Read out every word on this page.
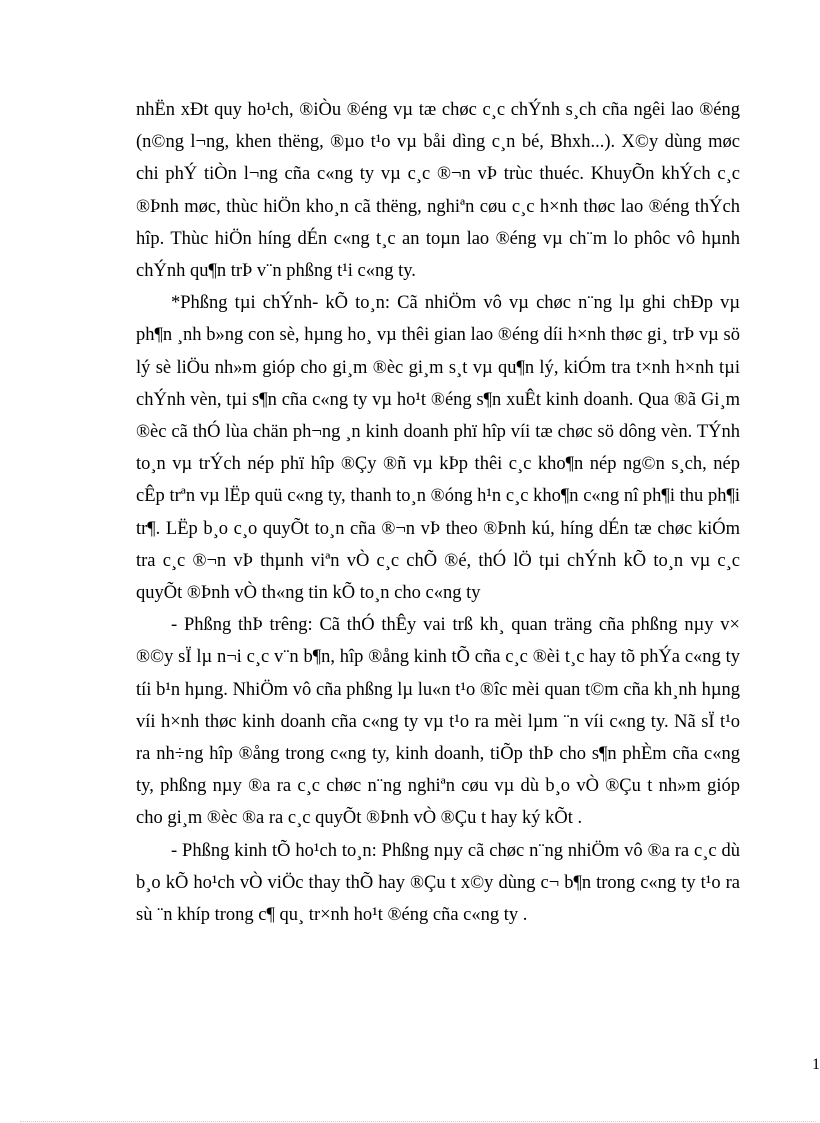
nhËn xÐt quy ho¹ch, ®iÒu ®éng vµ tæ chøc c¸c chÝnh s¸ch cña ngêi lao ®éng (n©ng l¬ng, khen thëng, ®µo t¹o vµ båi dìng c¸n bé, Bhxh...). X©y dùng møc chi phÝ tiÒn l¬ng cña c«ng ty vµ c¸c ®¬n vÞ trùc thuéc. KhuyÕn khÝch c¸c ®Þnh møc, thùc hiÖn kho¸n cã thëng, nghiªn cøu c¸c h×nh thøc lao ®éng thÝch hîp. Thùc hiÖn híng dÉn c«ng t¸c an toµn lao ®éng vµ ch¨m lo phôc vô hµnh chÝnh qu¶n trÞ v¨n phßng t¹i c«ng ty.

*Phßng tµi chÝnh- kÕ to¸n: Cã nhiÖm vô vµ chøc n¨ng lµ ghi chÐp vµ ph¶n ¸nh b»ng con sè, hµng ho¸ vµ thêi gian lao ®éng díi h×nh thøc gi¸ trÞ vµ sö lý sè liÖu nh»m gióp cho gi¸m ®èc gi¸m s¸t vµ qu¶n lý, kiÓm tra t×nh h×nh tµi chÝnh vèn, tµi s¶n cña c«ng ty vµ ho¹t ®éng s¶n xuÊt kinh doanh. Qua ®ã Gi¸m ®èc cã thÓ lùa chän ph¬ng ¸n kinh doanh phï hîp víi tæ chøc sö dông vèn. TÝnh to¸n vµ trÝch nép phï hîp ®Çy ®ñ vµ kÞp thêi c¸c kho¶n nép ng©n s¸ch, nép cÊp trªn vµ lËp quü c«ng ty, thanh to¸n ®óng h¹n c¸c kho¶n c«ng nî ph¶i thu ph¶i tr¶. LËp b¸o c¸o quyÕt to¸n cña ®¬n vÞ theo ®Þnh kú, híng dÉn tæ chøc kiÓm tra c¸c ®¬n vÞ thµnh viªn vÒ c¸c chÕ ®é, thÓ lÖ tµi chÝnh kÕ to¸n vµ c¸c quyÕt ®Þnh vÒ th«ng tin kÕ to¸n cho c«ng ty

- Phßng thÞ trêng: Cã thÓ thÊy vai trß kh¸ quan träng cña phßng nµy v× ®©y sÏ lµ n¬i c¸c v¨n b¶n, hîp ®ång kinh tÕ cña c¸c ®èi t¸c hay tõ phÝa c«ng ty tíi b¹n hµng. NhiÖm vô cña phßng lµ lu«n t¹o ®îc mèi quan t©m cña kh¸nh hµng víi h×nh thøc kinh doanh cña c«ng ty vµ t¹o ra mèi lµm ¨n víi c«ng ty. Nã sÏ t¹o ra nh÷ng hîp ®ång trong c«ng ty, kinh doanh, tiÕp thÞ cho s¶n phÈm cña c«ng ty, phßng nµy ®a ra c¸c chøc n¨ng nghiªn cøu vµ dù b¸o vÒ ®Çu t nh»m gióp cho gi¸m ®èc ®a ra c¸c quyÕt ®Þnh vÒ ®Çu t hay ký kÕt .

- Phßng kinh tÕ ho¹ch to¸n: Phßng nµy cã chøc n¨ng nhiÖm vô ®a ra c¸c dù b¸o kÕ ho¹ch vÒ viÖc thay thÕ hay ®Çu t x©y dùng c¬ b¶n trong c«ng ty t¹o ra sù ¨n khíp trong c¶ qu¸ tr×nh ho¹t ®éng cña c«ng ty .

1
